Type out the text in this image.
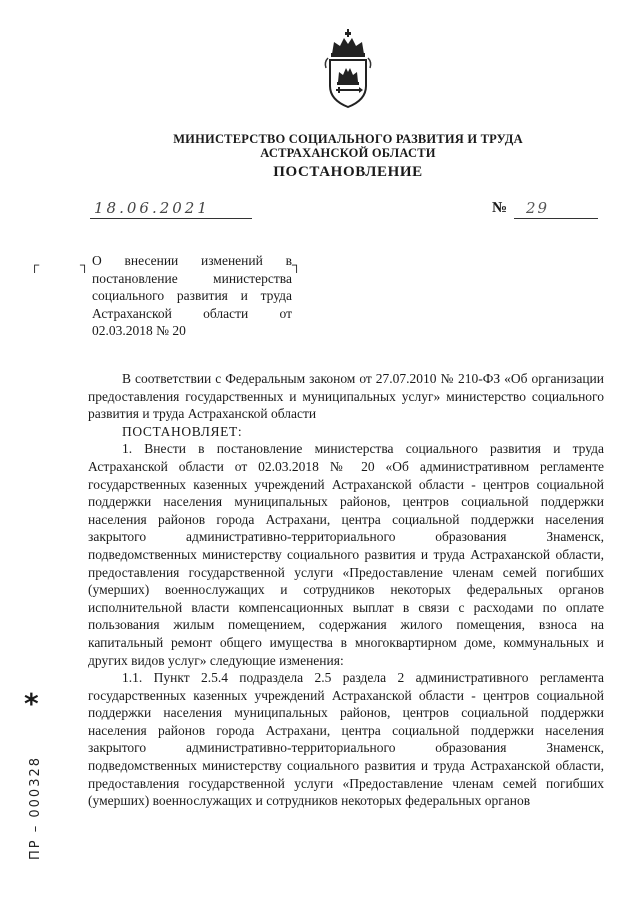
МИНИСТЕРСТВО СОЦИАЛЬНОГО РАЗВИТИЯ И ТРУДА
АСТРАХАНСКОЙ ОБЛАСТИ
ПОСТАНОВЛЕНИЕ
18.06.2021	№ 29
┌	┐	┐
О внесении изменений в постановление министерства социального развития и труда Астраханской области от 02.03.2018 № 20

В соответствии с Федеральным законом от 27.07.2010 № 210-ФЗ «Об организации предоставления государственных и муниципальных услуг» министерство социального развития и труда Астраханской области

ПОСТАНОВЛЯЕТ:

1. Внести в постановление министерства социального развития и труда Астраханской области от 02.03.2018 № 20 «Об административном регламенте государственных казенных учреждений Астраханской области - центров социальной поддержки населения муниципальных районов, центров социальной поддержки населения районов города Астрахани, центра социальной поддержки населения закрытого административно-территориального образования Знаменск, подведомственных министерству социального развития и труда Астраханской области, предоставления государственной услуги «Предоставление членам семей погибших (умерших) военнослужащих и сотрудников некоторых федеральных органов исполнительной власти компенсационных выплат в связи с расходами по оплате пользования жилым помещением, содержания жилого помещения, взноса на капитальный ремонт общего имущества в многоквартирном доме, коммунальных и других видов услуг» следующие изменения:

1.1. Пункт 2.5.4 подраздела 2.5 раздела 2 административного регламента государственных казенных учреждений Астраханской области - центров социальной поддержки населения муниципальных районов, центров социальной поддержки населения районов города Астрахани, центра социальной поддержки населения закрытого административно-территориального образования Знаменск, подведомственных министерству социального развития и труда Астраханской области, предоставления государственной услуги «Предоставление членам семей погибших (умерших) военнослужащих и сотрудников некоторых федеральных органов

*
ПР – 000328
